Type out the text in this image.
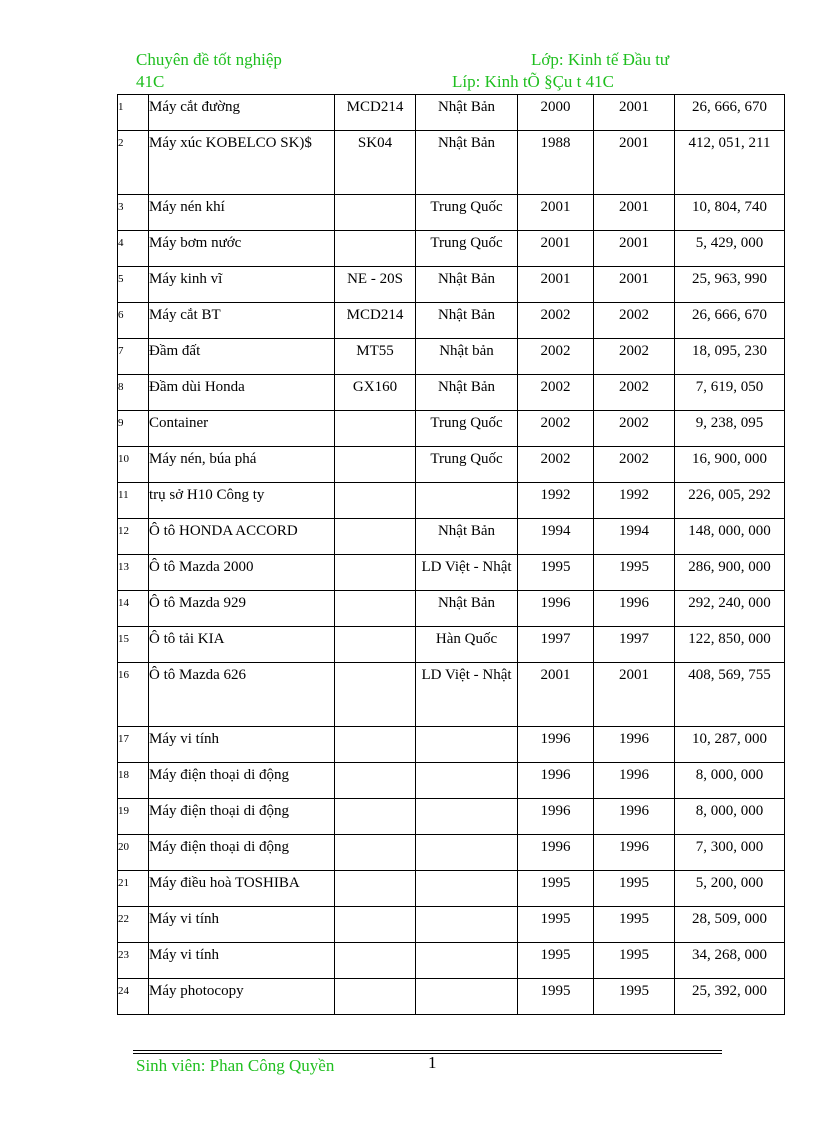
Chuyên đề tốt nghiệp	Lớp: Kinh tế Đầu tư
41C	Líp: Kinh tÕ §Çu t 41C
1	Máy cắt đường	MCD214	Nhật Bản	2000	2001	26, 666, 670
2	Máy xúc KOBELCO SK)$	SK04	Nhật Bản	1988	2001	412, 051, 211
3	Máy nén khí		Trung Quốc	2001	2001	10, 804, 740
4	Máy bơm nước		Trung Quốc	2001	2001	5, 429, 000
5	Máy kinh vĩ	NE - 20S	Nhật Bản	2001	2001	25, 963, 990
6	Máy cắt BT	MCD214	Nhật Bản	2002	2002	26, 666, 670
7	Đầm đất	MT55	Nhật bản	2002	2002	18, 095, 230
8	Đầm dùi Honda	GX160	Nhật Bản	2002	2002	7, 619, 050
9	Container		Trung Quốc	2002	2002	9, 238, 095
10	Máy nén, búa phá		Trung Quốc	2002	2002	16, 900, 000
11	trụ sở H10 Công ty			1992	1992	226, 005, 292
12	Ô tô HONDA ACCORD		Nhật Bản	1994	1994	148, 000, 000
13	Ô tô Mazda 2000		LD Việt - Nhật	1995	1995	286, 900, 000
14	Ô tô Mazda 929		Nhật Bản	1996	1996	292, 240, 000
15	Ô tô tải KIA		Hàn Quốc	1997	1997	122, 850, 000
16	Ô tô Mazda 626		LD Việt - Nhật	2001	2001	408, 569, 755
17	Máy vi tính			1996	1996	10, 287, 000
18	Máy điện thoại di động			1996	1996	8, 000, 000
19	Máy điện thoại di động			1996	1996	8, 000, 000
20	Máy điện thoại di động			1996	1996	7, 300, 000
21	Máy điều hoà TOSHIBA			1995	1995	5, 200, 000
22	Máy vi tính			1995	1995	28, 509, 000
23	Máy vi tính			1995	1995	34, 268, 000
24	Máy photocopy			1995	1995	25, 392, 000
Sinh viên: Phan Công Quyền	1
